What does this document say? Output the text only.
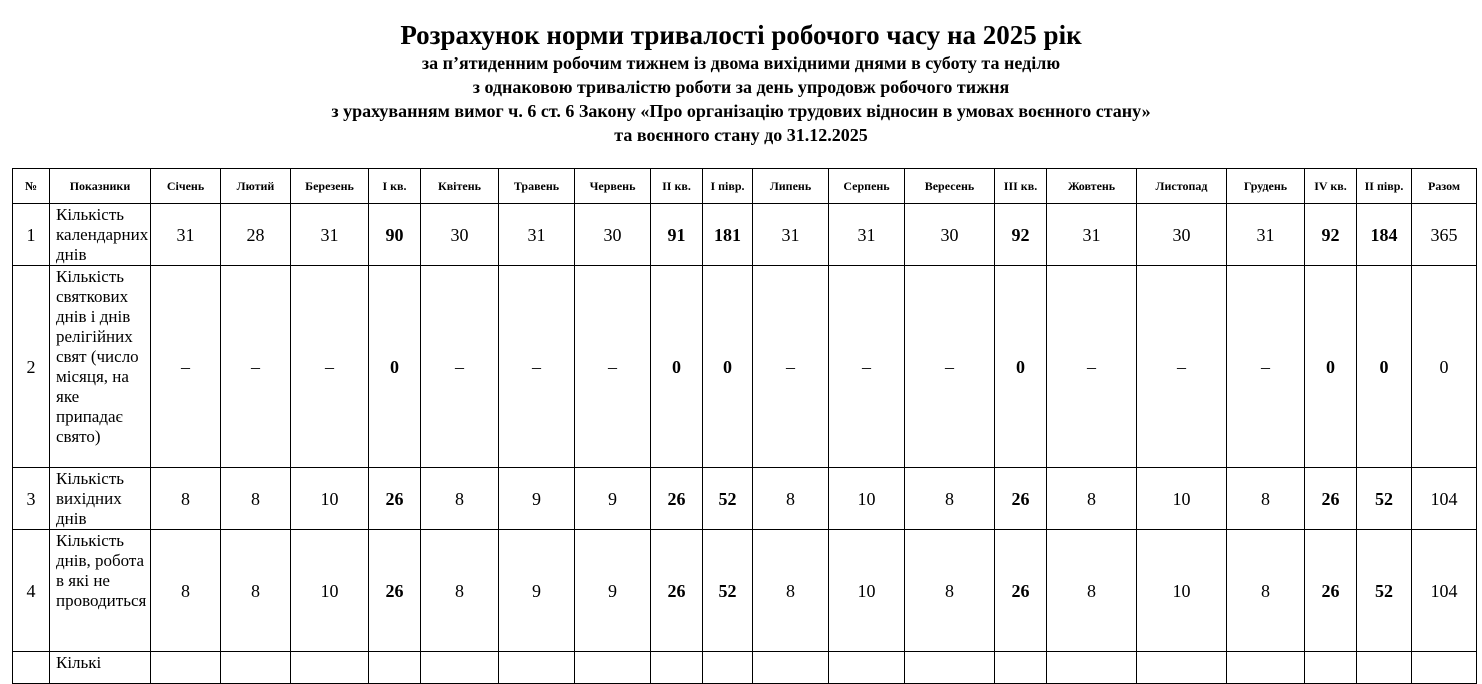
Розрахунок норми тривалості робочого часу на 2025 рік
за п’ятиденним робочим тижнем із двома вихідними днями в суботу та неділю
з однаковою тривалістю роботи за день упродовж робочого тижня
з урахуванням вимог ч. 6 ст. 6 Закону «Про організацію трудових відносин в умовах воєнного стану»
та воєнного стану до 31.12.2025
№	Показники	Січень	Лютий	Березень	I кв.	Квітень	Травень	Червень	II кв.	I півр.	Липень	Серпень	Вересень	III кв.	Жовтень	Листопад	Грудень	IV кв.	II півр.	Разом
1	Кількість календарних днів	31	28	31	90	30	31	30	91	181	31	31	30	92	31	30	31	92	184	365
2	Кількість святкових днів і днів релігійних свят (число місяця, на яке припадає свято)	–	–	–	0	–	–	–	0	0	–	–	–	0	–	–	–	0	0	0
3	Кількість вихідних днів	8	8	10	26	8	9	9	26	52	8	10	8	26	8	10	8	26	52	104
4	Кількість днів, робота в які не проводиться	8	8	10	26	8	9	9	26	52	8	10	8	26	8	10	8	26	52	104
	Кількі																			
